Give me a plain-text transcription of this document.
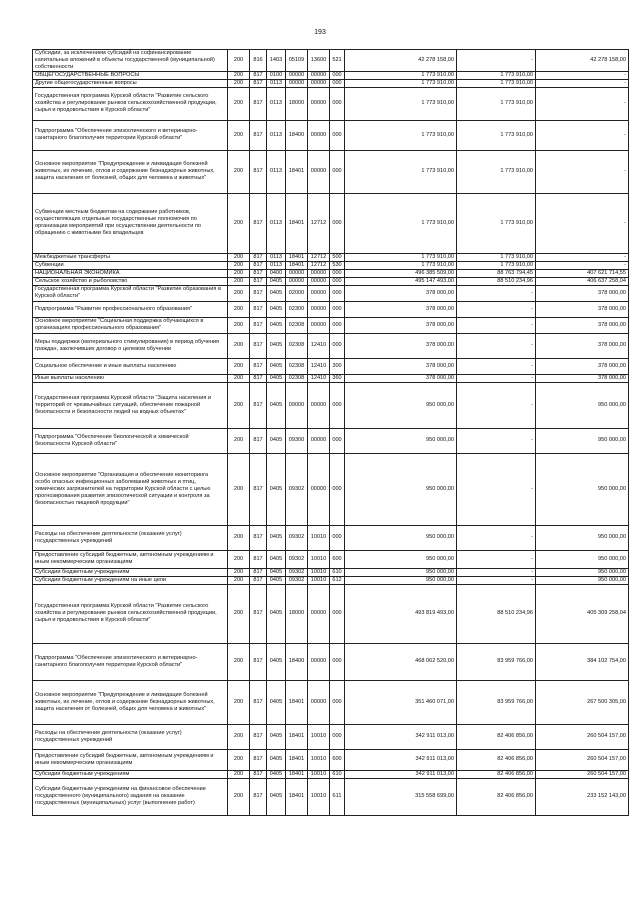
193
Субсидии, за исключением субсидий на софинансирование капитальных вложений в объекты государственной (муниципальной) собственности	200	816	1403	05109	13600	521	42 278 158,00	-	42 278 158,00
ОБЩЕГОСУДАРСТВЕННЫЕ ВОПРОСЫ	200	817	0100	00000	00000	000	1 773 910,00	1 773 910,00	-
Другие общегосударственные вопросы	200	817	0113	00000	00000	000	1 773 910,00	1 773 910,00	-
Государственная программа Курской области "Развитие сельского хозяйства и регулирование рынков сельскохозяйственной продукции, сырья и продовольствия в Курской области"	200	817	0113	18000	00000	000	1 773 910,00	1 773 910,00	-
Подпрограмма "Обеспечение эпизоотического и ветеринарно-санитарного благополучия территории Курской области"	200	817	0113	18400	00000	000	1 773 910,00	1 773 910,00	-
Основное мероприятие "Предупреждение и ликвидация болезней животных, их лечение, отлов и содержание безнадзорных животных, защита населения от болезней, общих для человека и животных"	200	817	0113	18401	00000	000	1 773 910,00	1 773 910,00	-
Субвенции местным бюджетам на содержание работников, осуществляющих отдельные государственные полномочия по организации мероприятий при осуществлении деятельности по обращению с животными без владельцев	200	817	0113	18401	12712	000	1 773 910,00	1 773 910,00	-
Межбюджетные трансферты	200	817	0113	18401	12712	500	1 773 910,00	1 773 910,00	-
Субвенции	200	817	0113	18401	12712	530	1 773 910,00	1 773 910,00	-
НАЦИОНАЛЬНАЯ ЭКОНОМИКА	200	817	0400	00000	00000	000	496 385 509,00	88 763 794,45	407 621 714,55
Сельское хозяйство и рыболовство	200	817	0405	00000	00000	000	495 147 493,00	88 510 234,96	406 637 258,04
Государственная программа Курской области "Развитие образования в Курской области"	200	817	0405	02000	00000	000	378 000,00	-	378 000,00
Подпрограмма "Развитие профессионального образования"	200	817	0405	02300	00000	000	378 000,00	-	378 000,00
Основное мероприятие "Социальная поддержка обучающихся в организациях профессионального образования"	200	817	0405	02308	00000	000	378 000,00	-	378 000,00
Меры поддержки (материального стимулирования) в период обучения граждан, заключивших договор о целевом обучении	200	817	0405	02308	12410	000	378 000,00	-	378 000,00
Социальное обеспечение и иные выплаты населению	200	817	0405	02308	12410	300	378 000,00	-	378 000,00
Иные выплаты населению	200	817	0405	02308	12410	360	378 000,00	-	378 000,00
Государственная программа Курской области "Защита населения и территорий от чрезвычайных ситуаций, обеспечение пожарной безопасности и безопасности людей на водных объектах"	200	817	0405	09000	00000	000	950 000,00	-	950 000,00
Подпрограмма "Обеспечение биологической и химической безопасности Курской области"	200	817	0405	09300	00000	000	950 000,00	-	950 000,00
Основное мероприятие "Организация и обеспечение мониторинга особо опасных инфекционных заболеваний животных и птиц, химических загрязнителей на территории Курской области с целью прогнозирования развития эпизоотической ситуации и контроля за безопасностью пищевой продукции"	200	817	0405	09302	00000	000	950 000,00	-	950 000,00
Расходы на обеспечение деятельности (оказание услуг) государственных учреждений	200	817	0405	09302	10010	000	950 000,00	-	950 000,00
Предоставление субсидий бюджетным, автономным учреждениям и иным некоммерческим организациям	200	817	0405	09302	10010	600	950 000,00	-	950 000,00
Субсидии бюджетным учреждениям	200	817	0405	09302	10010	610	950 000,00	-	950 000,00
Субсидии бюджетным учреждениям на иные цели	200	817	0405	09302	10010	612	950 000,00	-	950 000,00
Государственная программа Курской области "Развитие сельского хозяйства и регулирование рынков сельскохозяйственной продукции, сырья и продовольствия в Курской области"	200	817	0405	18000	00000	000	493 819 493,00	88 510 234,96	405 309 258,04
Подпрограмма "Обеспечение эпизоотического и ветеринарно-санитарного благополучия территории Курской области"	200	817	0405	18400	00000	000	468 062 520,00	83 959 766,00	384 102 754,00
Основное мероприятие "Предупреждение и ликвидация болезней животных, их лечение, отлов и содержание безнадзорных животных, защита населения от болезней, общих для человека и животных"	200	817	0405	18401	00000	000	351 460 071,00	83 959 766,00	267 500 305,00
Расходы на обеспечение деятельности (оказание услуг) государственных учреждений	200	817	0405	18401	10010	000	342 911 013,00	82 406 856,00	260 504 157,00
Предоставление субсидий бюджетным, автономным учреждениям и иным некоммерческим организациям	200	817	0405	18401	10010	600	342 911 013,00	82 406 856,00	260 504 157,00
Субсидии бюджетным учреждениям	200	817	0405	18401	10010	610	342 911 013,00	82 406 856,00	260 504 157,00
Субсидии бюджетным учреждениям на финансовое обеспечение государственного (муниципального) задания на оказание государственных (муниципальных) услуг (выполнение работ)	200	817	0405	18401	10010	611	315 558 699,00	82 406 856,00	233 152 143,00
